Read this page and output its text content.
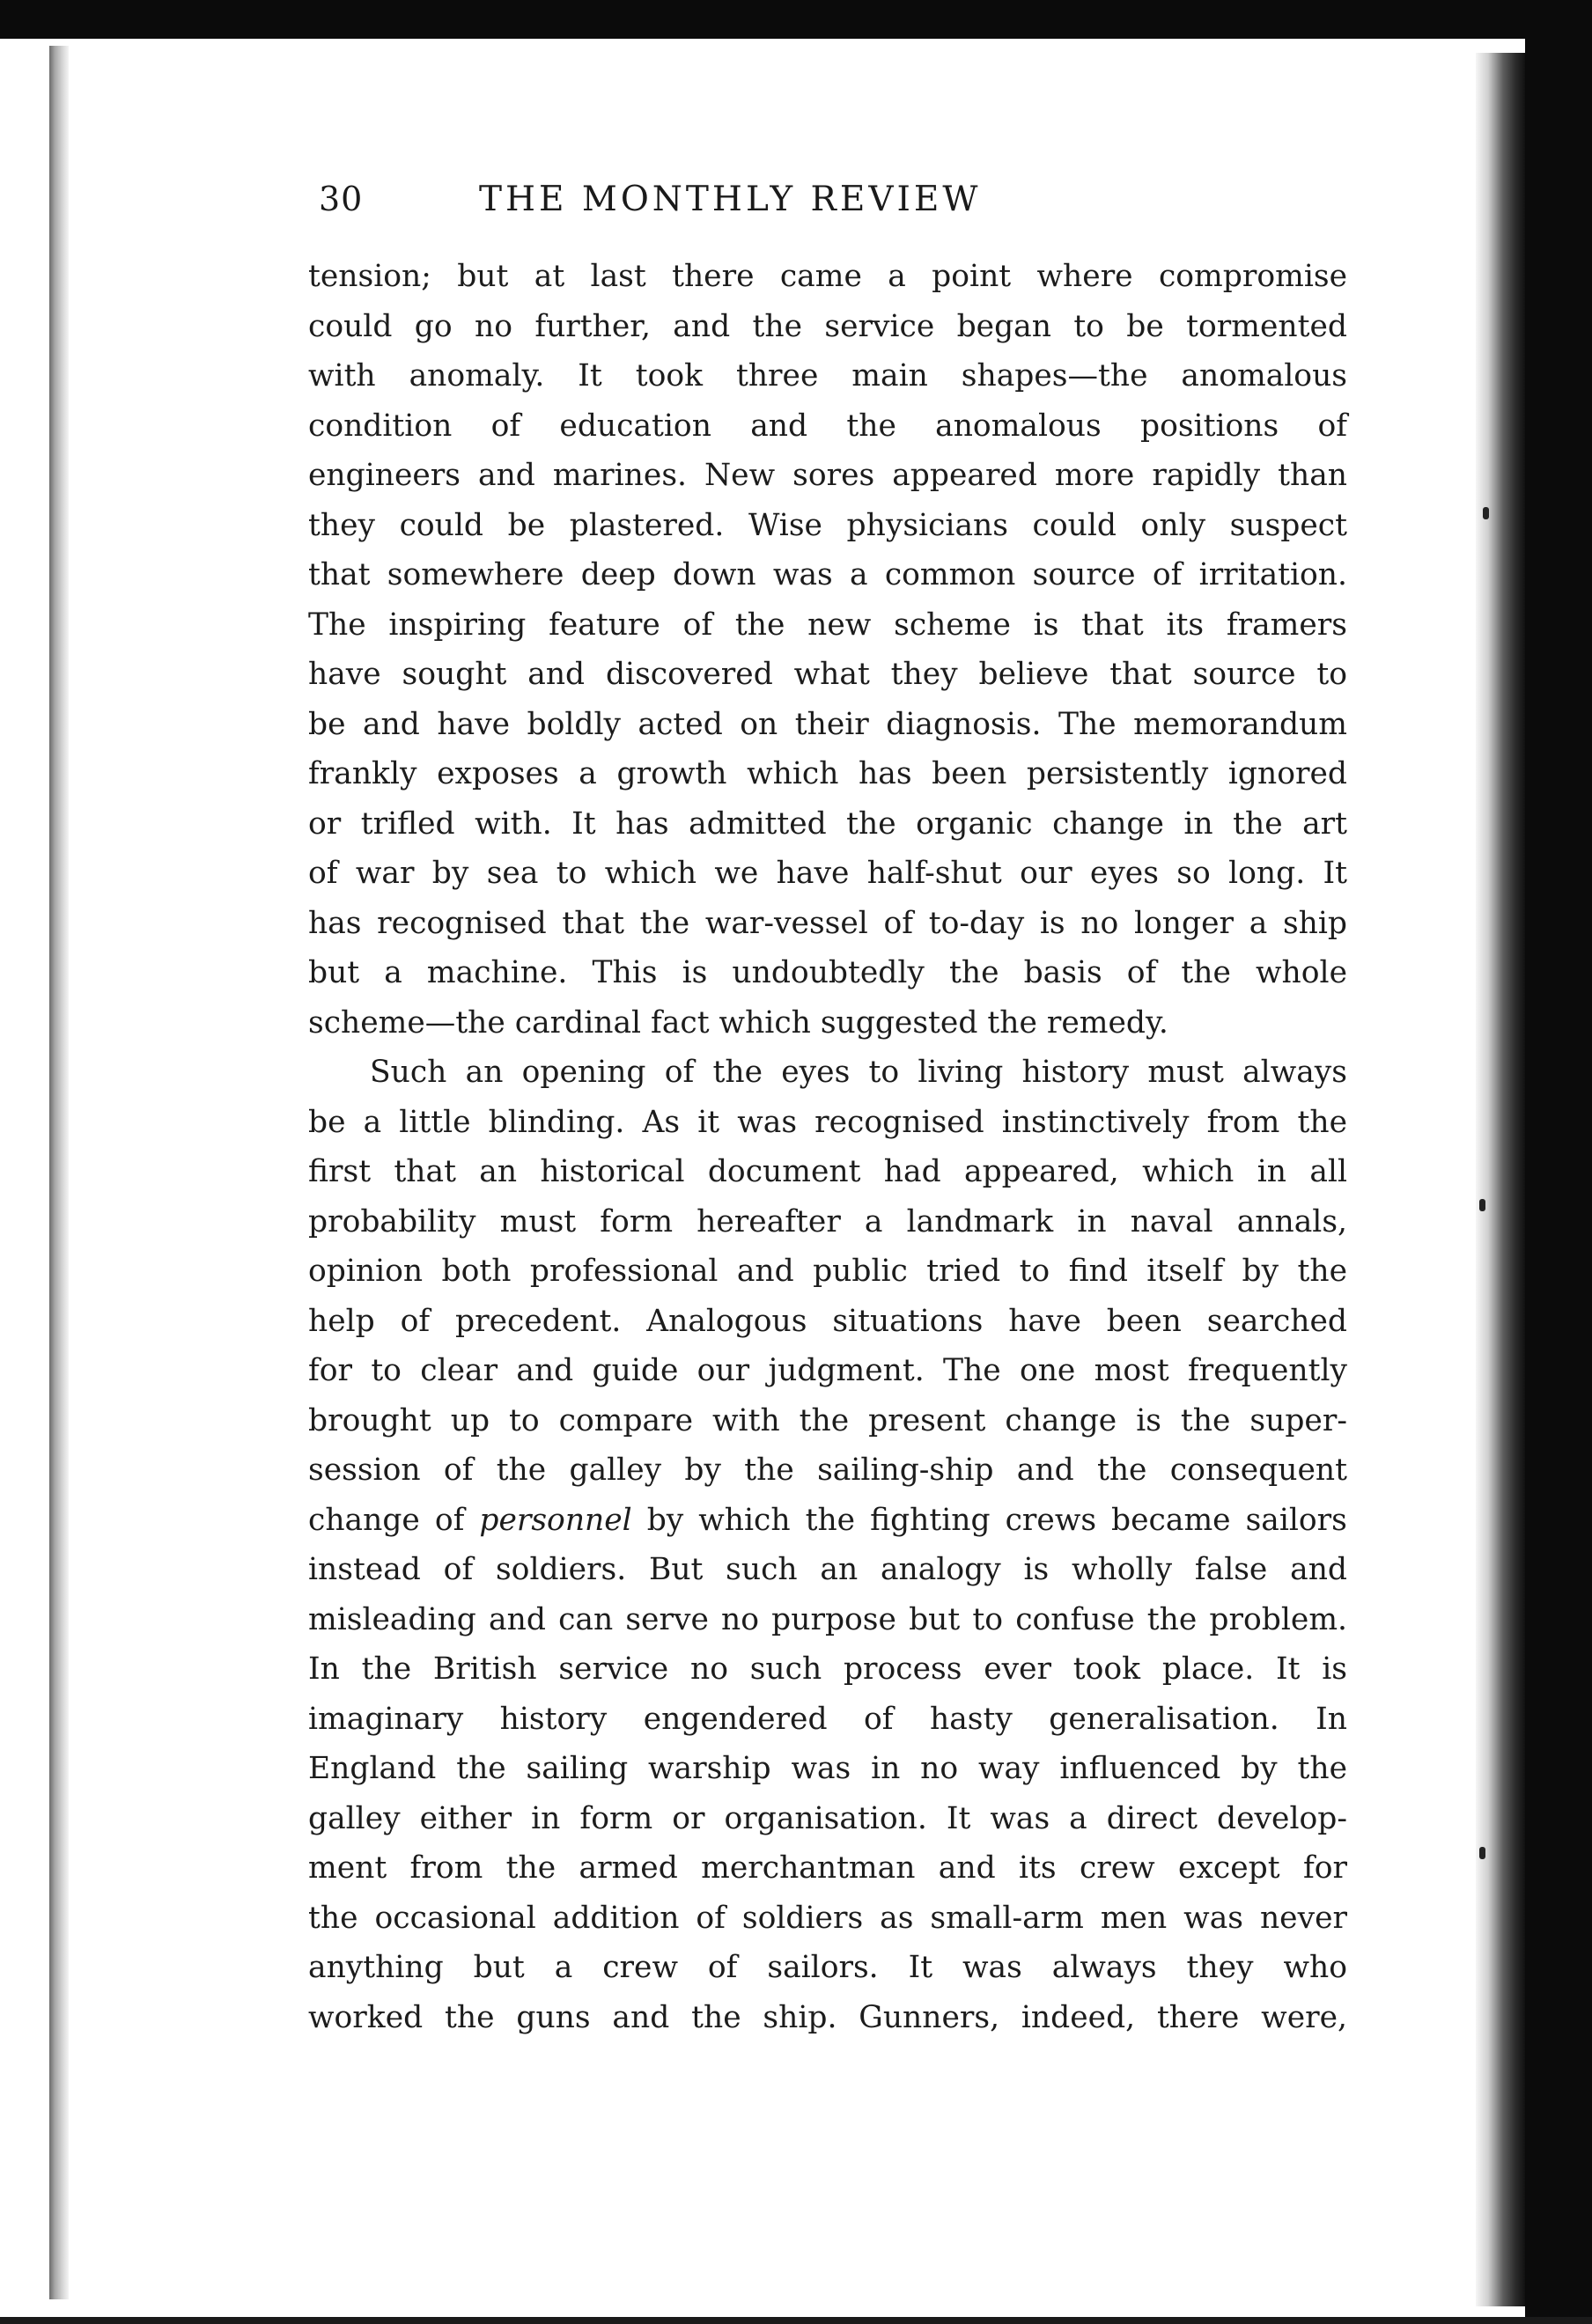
30	THE MONTHLY REVIEW
tension; but at last there came a point where compromise
could go no further, and the service began to be tormented
with anomaly. It took three main shapes—the anomalous
condition of education and the anomalous positions of
engineers and marines. New sores appeared more rapidly than
they could be plastered. Wise physicians could only suspect
that somewhere deep down was a common source of irritation.
The inspiring feature of the new scheme is that its framers
have sought and discovered what they believe that source to
be and have boldly acted on their diagnosis. The memorandum
frankly exposes a growth which has been persistently ignored
or trifled with. It has admitted the organic change in the art
of war by sea to which we have half-shut our eyes so long. It
has recognised that the war-vessel of to-day is no longer a ship
but a machine. This is undoubtedly the basis of the whole
scheme—the cardinal fact which suggested the remedy.
Such an opening of the eyes to living history must always
be a little blinding. As it was recognised instinctively from the
first that an historical document had appeared, which in all
probability must form hereafter a landmark in naval annals,
opinion both professional and public tried to find itself by the
help of precedent. Analogous situations have been searched
for to clear and guide our judgment. The one most frequently
brought up to compare with the present change is the super-
session of the galley by the sailing-ship and the consequent
change of personnel by which the fighting crews became sailors
instead of soldiers. But such an analogy is wholly false and
misleading and can serve no purpose but to confuse the problem.
In the British service no such process ever took place. It is
imaginary history engendered of hasty generalisation. In
England the sailing warship was in no way influenced by the
galley either in form or organisation. It was a direct develop-
ment from the armed merchantman and its crew except for
the occasional addition of soldiers as small-arm men was never
anything but a crew of sailors. It was always they who
worked the guns and the ship. Gunners, indeed, there were,
